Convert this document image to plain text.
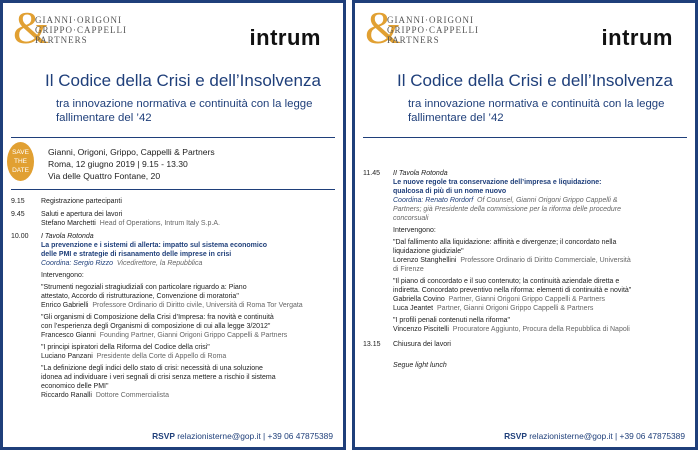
&
GIANNI·ORIGONI
GRIPPO·CAPPELLI
PARTNERS	intrum
Il Codice della Crisi e dell’Insolvenza
tra innovazione normativa e continuità con la legge fallimentare del ’42
SAVE
THE
DATE
Gianni, Origoni, Grippo, Cappelli & Partners
Roma, 12 giugno 2019 | 9.15 - 13.30
Via delle Quattro Fontane, 20
9.15	Registrazione partecipanti
9.45	Saluti e apertura dei lavori
Stefano Marchetti Head of Operations, Intrum Italy S.p.A.
10.00	I Tavola Rotonda
La prevenzione e i sistemi di allerta: impatto sul sistema economico
delle PMI e strategie di risanamento delle imprese in crisi
Coordina: Sergio Rizzo Vicedirettore, la Repubblica
Intervengono:
"Strumenti negoziali stragiudiziali con particolare riguardo a: Piano
attestato, Accordo di ristrutturazione, Convenzione di moratoria"
Enrico Gabrielli Professore Ordinario di Diritto civile, Università di Roma Tor Vergata
"Gli organismi di Composizione della Crisi d’Impresa: fra novità e continuità
con l’esperienza degli Organismi di composizione di cui alla legge 3/2012"
Francesco Gianni Founding Partner, Gianni Origoni Grippo Cappelli & Partners
"I principi ispiratori della Riforma del Codice della crisi"
Luciano Panzani Presidente della Corte di Appello di Roma
"La definizione degli indici dello stato di crisi: necessità di una soluzione
idonea ad individuare i veri segnali di crisi senza mettere a rischio il sistema
economico delle PMI"
Riccardo Ranalli Dottore Commercialista
RSVP relazionisterne@gop.it | +39 06 47875389
&
GIANNI·ORIGONI
GRIPPO·CAPPELLI
PARTNERS	intrum
Il Codice della Crisi e dell’Insolvenza
tra innovazione normativa e continuità con la legge fallimentare del ’42
11.45	II Tavola Rotonda
Le nuove regole tra conservazione dell’impresa e liquidazione:
qualcosa di più di un nome nuovo
Coordina: Renato Rordorf Of Counsel, Gianni Origoni Grippo Cappelli &
Partners; già Presidente della commissione per la riforma delle procedure
concorsuali
Intervengono:
"Dal fallimento alla liquidazione: affinità e divergenze; il concordato nella
liquidazione giudiziale"
Lorenzo Stanghellini Professore Ordinario di Diritto Commerciale, Università
di Firenze
"Il piano di concordato e il suo contenuto; la continuità aziendale diretta e
indiretta. Concordato preventivo nella riforma: elementi di continuità e novità"
Gabriella Covino Partner, Gianni Origoni Grippo Cappelli & Partners
Luca Jeantet Partner, Gianni Origoni Grippo Cappelli & Partners
"I profili penali contenuti nella riforma"
Vincenzo Piscitelli Procuratore Aggiunto, Procura della Repubblica di Napoli
13.15	Chiusura dei lavori
Segue light lunch
RSVP relazionisterne@gop.it | +39 06 47875389
